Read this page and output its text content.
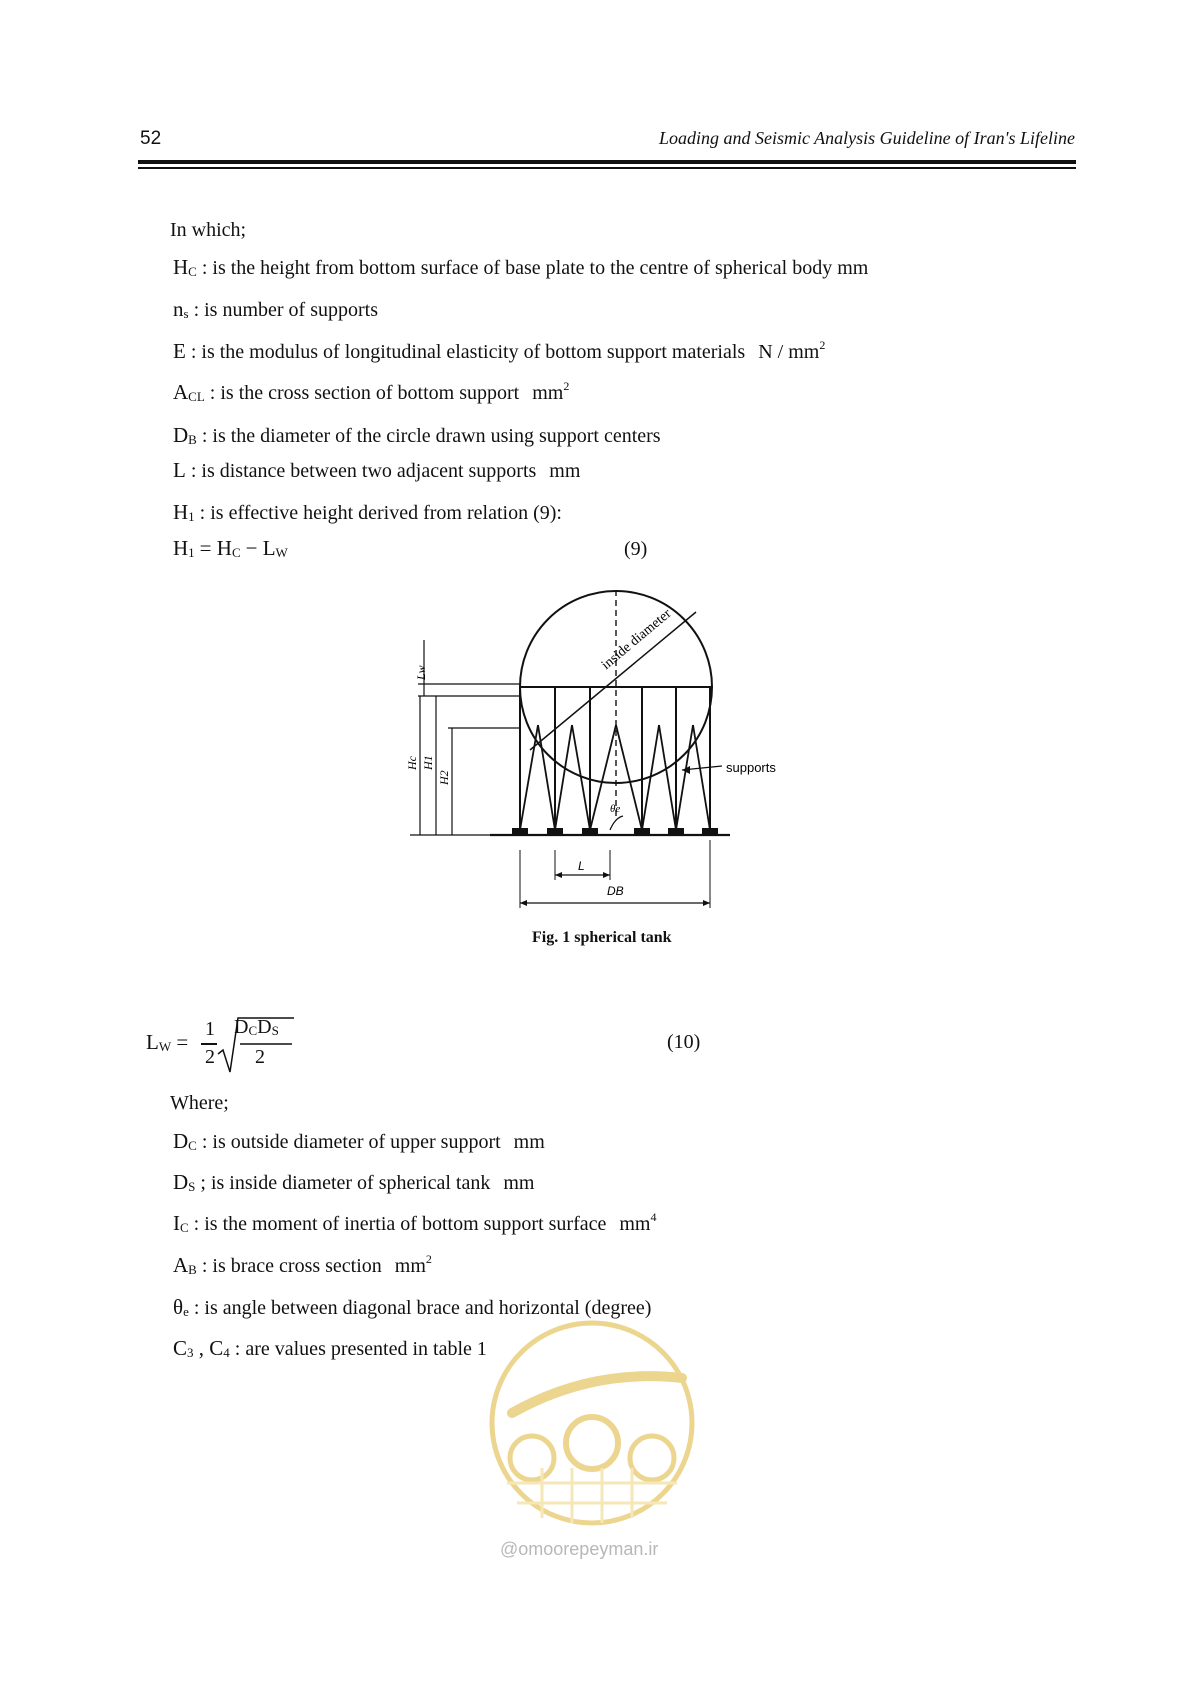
52	Loading and Seismic Analysis Guideline of Iran's Lifeline
In which;
HC : is the height from bottom surface of base plate to the centre of spherical body mm
ns : is number of supports
E : is the modulus of longitudinal elasticity of bottom support materials N / $mm^2$
ACL : is the cross section of bottom support $mm^2$
DB : is the diameter of the circle drawn using support centers
L : is distance between two adjacent supports mm
H1 : is effective height derived from relation (9):
H1 = HC − LW	(9)
inside diameter
supports
Lw
Hc H1
H2
θe
L
DB
Fig. 1 spherical tank
LW =
1
2
DCDS
2
(10)
Where;
DC : is outside diameter of upper support mm
DS ; is inside diameter of spherical tank mm
IC : is the moment of inertia of bottom support surface $mm^4$
AB : is brace cross section $mm^2$
θe : is angle between diagonal brace and horizontal (degree)
C3 , C4 : are values presented in table 1
@omoorepeyman.ir
